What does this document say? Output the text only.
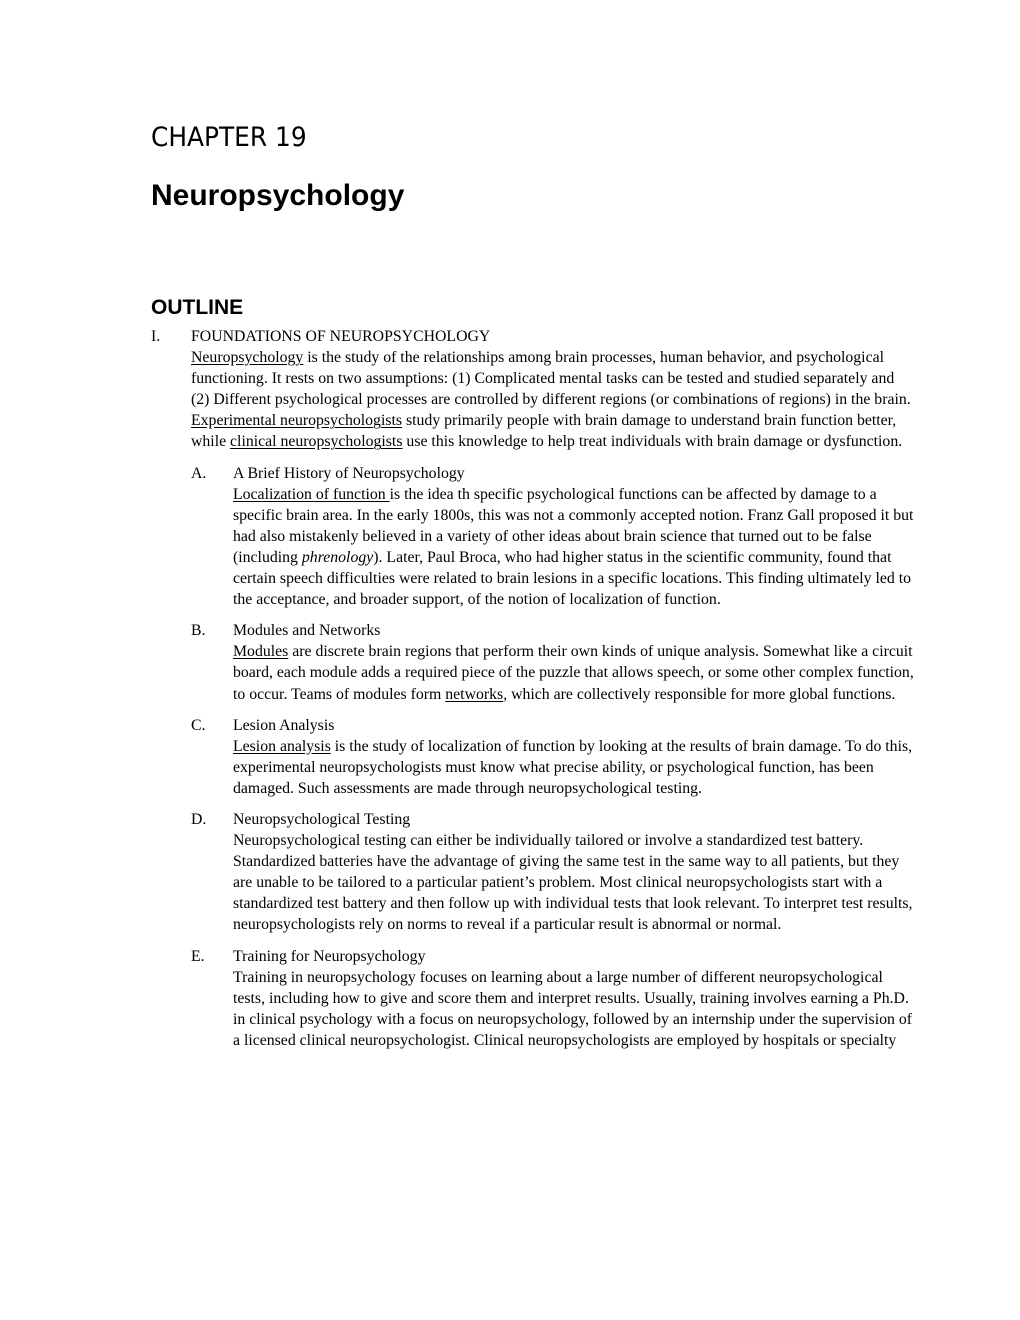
CHAPTER 19
Neuropsychology
OUTLINE
I. FOUNDATIONS OF NEUROPSYCHOLOGY
Neuropsychology is the study of the relationships among brain processes, human behavior, and psychological functioning. It rests on two assumptions: (1) Complicated mental tasks can be tested and studied separately and (2) Different psychological processes are controlled by different regions (or combinations of regions) in the brain. Experimental neuropsychologists study primarily people with brain damage to understand brain function better, while clinical neuropsychologists use this knowledge to help treat individuals with brain damage or dysfunction.
A. A Brief History of Neuropsychology
Localization of function is the idea th specific psychological functions can be affected by damage to a specific brain area. In the early 1800s, this was not a commonly accepted notion. Franz Gall proposed it but had also mistakenly believed in a variety of other ideas about brain science that turned out to be false (including phrenology). Later, Paul Broca, who had higher status in the scientific community, found that certain speech difficulties were related to brain lesions in a specific locations. This finding ultimately led to the acceptance, and broader support, of the notion of localization of function.
B. Modules and Networks
Modules are discrete brain regions that perform their own kinds of unique analysis. Somewhat like a circuit board, each module adds a required piece of the puzzle that allows speech, or some other complex function, to occur. Teams of modules form networks, which are collectively responsible for more global functions.
C. Lesion Analysis
Lesion analysis is the study of localization of function by looking at the results of brain damage. To do this, experimental neuropsychologists must know what precise ability, or psychological function, has been damaged. Such assessments are made through neuropsychological testing.
D. Neuropsychological Testing
Neuropsychological testing can either be individually tailored or involve a standardized test battery. Standardized batteries have the advantage of giving the same test in the same way to all patients, but they are unable to be tailored to a particular patient’s problem. Most clinical neuropsychologists start with a standardized test battery and then follow up with individual tests that look relevant. To interpret test results, neuropsychologists rely on norms to reveal if a particular result is abnormal or normal.
E. Training for Neuropsychology
Training in neuropsychology focuses on learning about a large number of different neuropsychological tests, including how to give and score them and interpret results. Usually, training involves earning a Ph.D. in clinical psychology with a focus on neuropsychology, followed by an internship under the supervision of a licensed clinical neuropsychologist. Clinical neuropsychologists are employed by hospitals or specialty
